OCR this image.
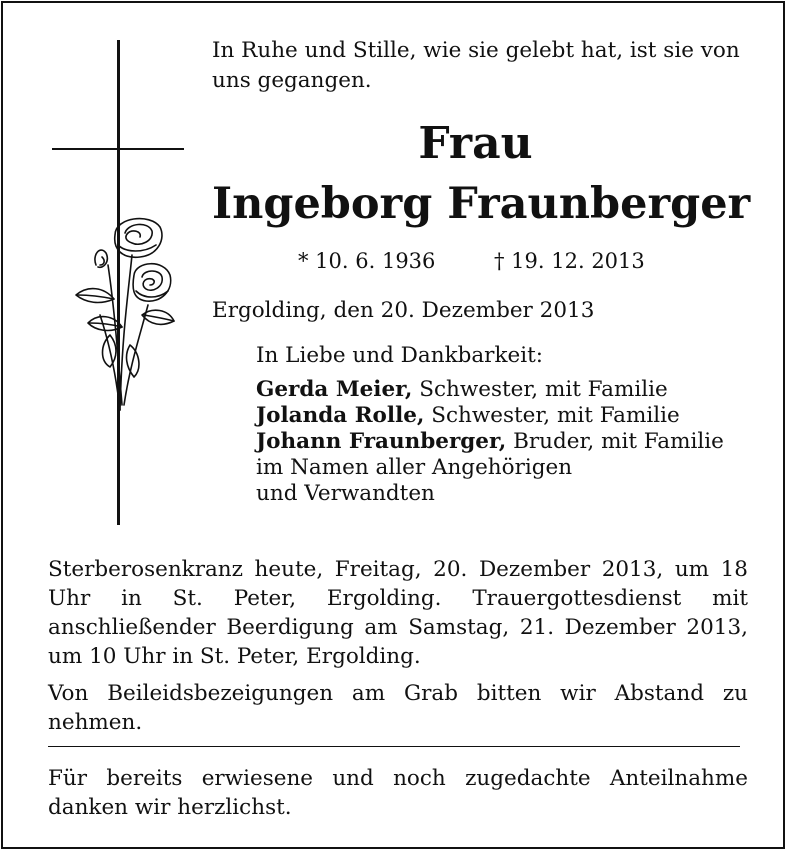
In Ruhe und Stille, wie sie gelebt hat, ist sie von uns gegangen.
Frau
Ingeborg Fraunberger
* 10. 6. 1936	† 19. 12. 2013
Ergolding, den 20. Dezember 2013
In Liebe und Dankbarkeit:
Gerda Meier, Schwester, mit Familie
Jolanda Rolle, Schwester, mit Familie
Johann Fraunberger, Bruder, mit Familie
im Namen aller Angehörigen
und Verwandten
Sterberosenkranz heute, Freitag, 20. Dezember 2013, um 18 Uhr in St. Peter, Ergolding. Trauergottesdienst mit anschließender Beerdigung am Samstag, 21. Dezember 2013, um 10 Uhr in St. Peter, Ergolding.
Von Beileidsbezeigungen am Grab bitten wir Abstand zu nehmen.
Für bereits erwiesene und noch zugedachte Anteilnahme danken wir herzlichst.
